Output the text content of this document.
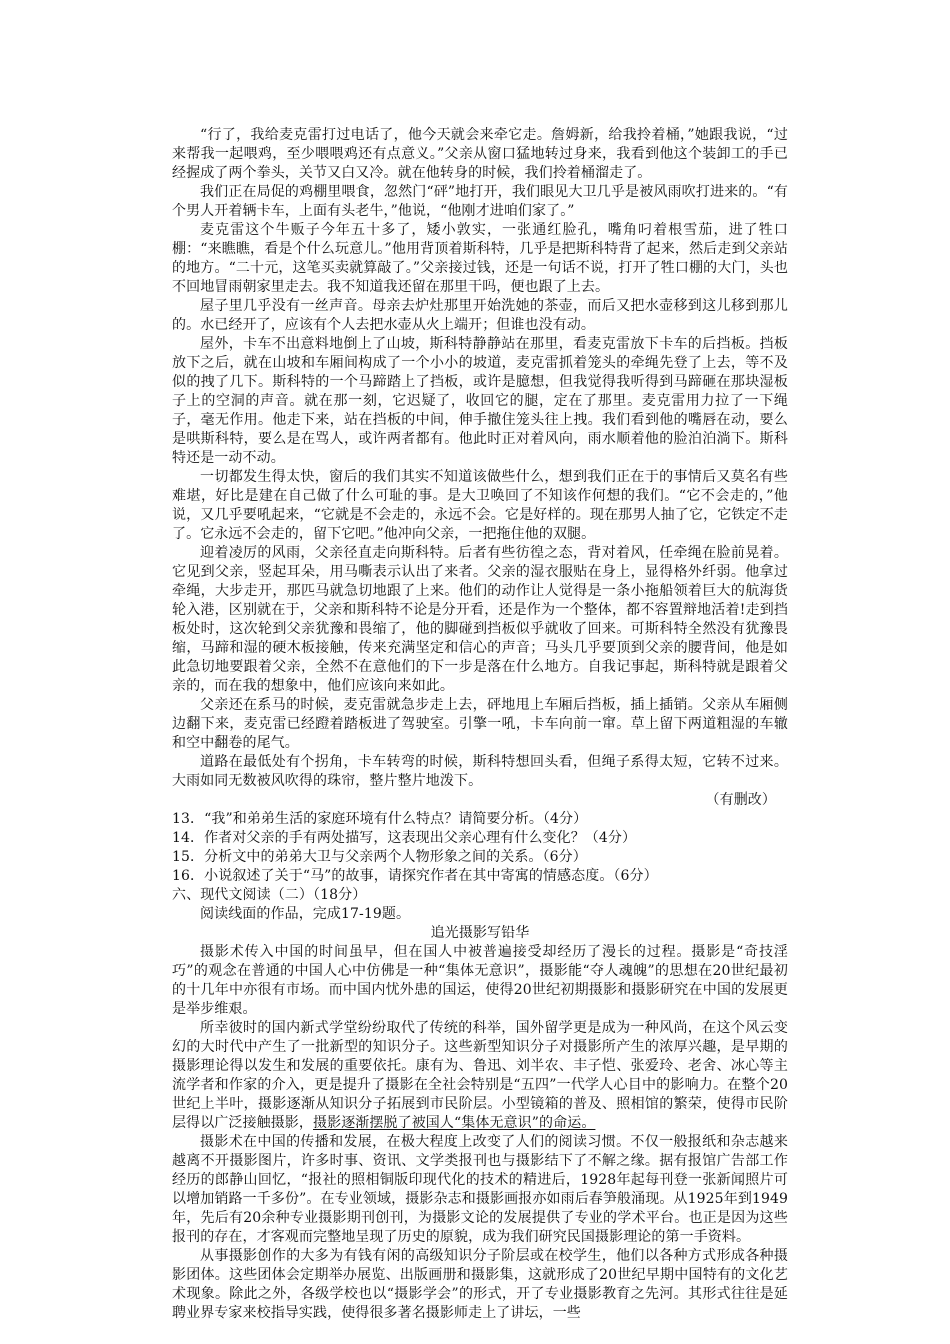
“行了，我给麦克雷打过电话了，他今天就会来牵它走。詹姆新，给我拎着桶，”她跟我说，“过来帮我一起喂鸡，至少喂喂鸡还有点意义。”父亲从窗口猛地转过身来，我看到他这个装卸工的手已经握成了两个拳头，关节又白又冷。就在他转身的时候，我们拎着桶溜走了。

我们正在局促的鸡棚里喂食，忽然门“砰”地打开，我们眼见大卫几乎是被风雨吹打进来的。“有个男人开着辆卡车，上面有头老牛，”他说，“他刚才进咱们家了。”

麦克雷这个牛贩子今年五十多了，矮小敦实，一张通红脸孔，嘴角叼着根雪茄，进了牲口棚：“来瞧瞧，看是个什么玩意儿。”他用背顶着斯科特，几乎是把斯科特背了起来，然后走到父亲站的地方。“二十元，这笔买卖就算敲了。”父亲接过钱，还是一句话不说，打开了牲口棚的大门，头也不回地冒雨朝家里走去。我不知道我还留在那里干吗，便也跟了上去。

屋子里几乎没有一丝声音。母亲去炉灶那里开始洗她的茶壶，而后又把水壶移到这儿移到那儿的。水已经开了，应该有个人去把水壶从火上端开；但谁也没有动。

屋外，卡车不出意料地倒上了山坡，斯科特静静站在那里，看麦克雷放下卡车的后挡板。挡板放下之后，就在山坡和车厢间构成了一个小小的坡道，麦克雷抓着笼头的牵绳先登了上去，等不及似的拽了几下。斯科特的一个马蹄踏上了挡板，或许是臆想，但我觉得我听得到马蹄砸在那块湿板子上的空洞的声音。就在那一刻，它迟疑了，收回它的腿，定在了那里。麦克雷用力拉了一下绳子，毫无作用。他走下来，站在挡板的中间，伸手撤住笼头往上拽。我们看到他的嘴唇在动，要么是哄斯科特，要么是在骂人，或许两者都有。他此时正对着风向，雨水顺着他的脸泊泊淌下。斯科特还是一动不动。

一切都发生得太快，窗后的我们其实不知道该做些什么，想到我们正在于的事情后又莫名有些难堪，好比是建在自己做了什么可耻的事。是大卫唤回了不知该作何想的我们。“它不会走的，”他说，又几乎要吼起来，“它就是不会走的，永远不会。它是好样的。现在那男人抽了它，它铁定不走了。它永远不会走的，留下它吧。”他冲向父亲，一把拖住他的双腿。

迎着凌厉的风雨，父亲径直走向斯科特。后者有些彷徨之态，背对着风，任牵绳在脸前晃着。它见到父亲，竖起耳朵，用马嘶表示认出了来者。父亲的湿衣服贴在身上，显得格外纤弱。他拿过牵绳，大步走开，那匹马就急切地跟了上来。他们的动作让人觉得是一条小拖船领着巨大的航海货轮入港，区别就在于，父亲和斯科特不论是分开看，还是作为一个整体，都不容置辩地活着!走到挡板处时，这次轮到父亲犹豫和畏缩了，他的脚碰到挡板似乎就收了回来。可斯科特全然没有犹豫畏缩，马蹄和湿的硬木板接触，传来充满坚定和信心的声音；马头几乎要顶到父亲的腰背间，他是如此急切地要跟着父亲，全然不在意他们的下一步是落在什么地方。自我记事起，斯科特就是跟着父亲的，而在我的想象中，他们应该向来如此。

父亲还在系马的时候，麦克雷就急步走上去，砰地甩上车厢后挡板，插上插销。父亲从车厢侧边翻下来，麦克雷已经蹬着踏板进了驾驶室。引擎一吼，卡车向前一窜。草上留下两道粗湿的车辙和空中翻卷的尾气。

道路在最低处有个拐角，卡车转弯的时候，斯科特想回头看，但绳子系得太短，它转不过来。大雨如同无数被风吹得的珠帘，整片整片地泼下。

（有删改）

13．“我”和弟弟生活的家庭环境有什么特点？请简要分析。（4分）

14．作者对父亲的手有两处描写，这表现出父亲心理有什么变化？（4分）

15．分析文中的弟弟大卫与父亲两个人物形象之间的关系。（6分）

16．小说叙述了关于“马”的故事，请探究作者在其中寄寓的情感态度。（6分）

六、现代文阅读（二）（18分）

阅读线面的作品，完成17-19题。

追光摄影写铅华

摄影术传入中国的时间虽早，但在国人中被普遍接受却经历了漫长的过程。摄影是“奇技淫巧”的观念在普通的中国人心中仿佛是一种“集体无意识”，摄影能“夺人魂魄”的思想在20世纪最初的十几年中亦很有市场。而中国内忧外患的国运，使得20世纪初期摄影和摄影研究在中国的发展更是举步维艰。

所幸彼时的国内新式学堂纷纷取代了传统的科举，国外留学更是成为一种风尚，在这个风云变幻的大时代中产生了一批新型的知识分子。这些新型知识分子对摄影所产生的浓厚兴趣，是早期的摄影理论得以发生和发展的重要依托。康有为、鲁迅、刘半农、丰子恺、张爱玲、老舍、冰心等主流学者和作家的介入，更是提升了摄影在全社会特别是“五四”一代学人心目中的影响力。在整个20世纪上半叶，摄影逐渐从知识分子拓展到市民阶层。小型镜箱的普及、照相馆的繁荣，使得市民阶层得以广泛接触摄影，摄影逐渐摆脱了被国人“集体无意识”的命运。

摄影术在中国的传播和发展，在极大程度上改变了人们的阅读习惯。不仅一般报纸和杂志越来越离不开摄影图片，许多时事、资讯、文学类报刊也与摄影结下了不解之缘。据有报馆广告部工作经历的郎静山回忆，“报社的照相铜版印现代化的技术的精进后，1928年起每刊登一张新闻照片可以增加销路一千多份”。在专业领域，摄影杂志和摄影画报亦如雨后春笋般涌现。从1925年到1949年，先后有20余种专业摄影期刊创刊，为摄影文论的发展提供了专业的学术平台。也正是因为这些报刊的存在，才客观而完整地呈现了历史的原貌，成为我们研究民国摄影理论的第一手资料。

从事摄影创作的大多为有钱有闲的高级知识分子阶层或在校学生，他们以各种方式形成各种摄影团体。这些团体会定期举办展览、出版画册和摄影集，这就形成了20世纪早期中国特有的文化艺术现象。除此之外，各级学校也以“摄影学会”的形式，开了专业摄影教育之先河。其形式往往是延聘业界专家来校指导实践，使得很多著名摄影师走上了讲坛，一些
